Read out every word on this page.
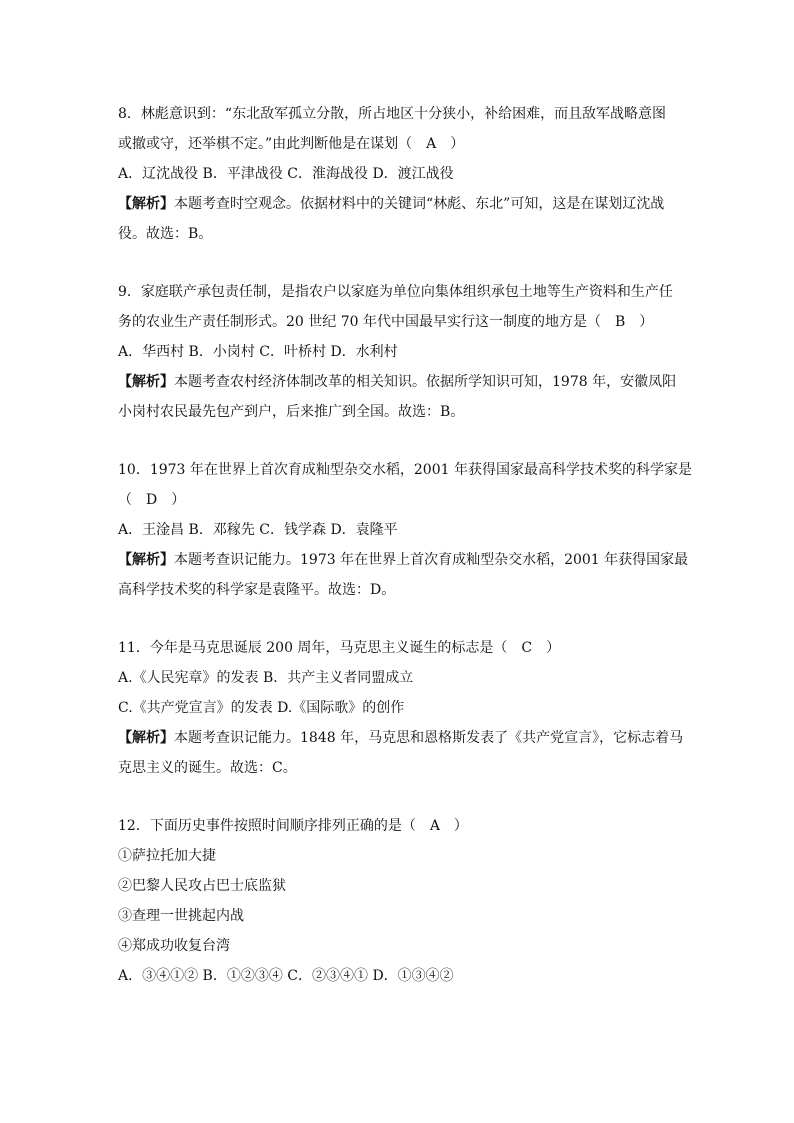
8．林彪意识到：“东北敌军孤立分散，所占地区十分狭小，补给困难，而且敌军战略意图

或撤或守，还举棋不定。”由此判断他是在谋划（　A　）

A．辽沈战役 B．平津战役 C．淮海战役 D．渡江战役

【解析】本题考查时空观念。依据材料中的关键词“林彪、东北”可知，这是在谋划辽沈战

役。故选：B。

9．家庭联产承包责任制，是指农户以家庭为单位向集体组织承包土地等生产资料和生产任

务的农业生产责任制形式。20 世纪 70 年代中国最早实行这一制度的地方是（　B　）

A．华西村 B．小岗村 C．叶桥村 D．水利村

【解析】本题考查农村经济体制改革的相关知识。依据所学知识可知，1978 年，安徽凤阳

小岗村农民最先包产到户，后来推广到全国。故选：B。

10．1973 年在世界上首次育成籼型杂交水稻，2001 年获得国家最高科学技术奖的科学家是

（　D　）

A．王淦昌 B．邓稼先 C．钱学森 D．袁隆平

【解析】本题考查识记能力。1973 年在世界上首次育成籼型杂交水稻，2001 年获得国家最

高科学技术奖的科学家是袁隆平。故选：D。

11．今年是马克思诞辰 200 周年，马克思主义诞生的标志是（　C　）

A.《人民宪章》的发表 B．共产主义者同盟成立

C.《共产党宣言》的发表 D.《国际歌》的创作

【解析】本题考查识记能力。1848 年，马克思和恩格斯发表了《共产党宣言》，它标志着马

克思主义的诞生。故选：C。

12．下面历史事件按照时间顺序排列正确的是（　A　）

①萨拉托加大捷

②巴黎人民攻占巴士底监狱

③查理一世挑起内战

④郑成功收复台湾

A．③④①② B．①②③④ C．②③④① D．①③④②
